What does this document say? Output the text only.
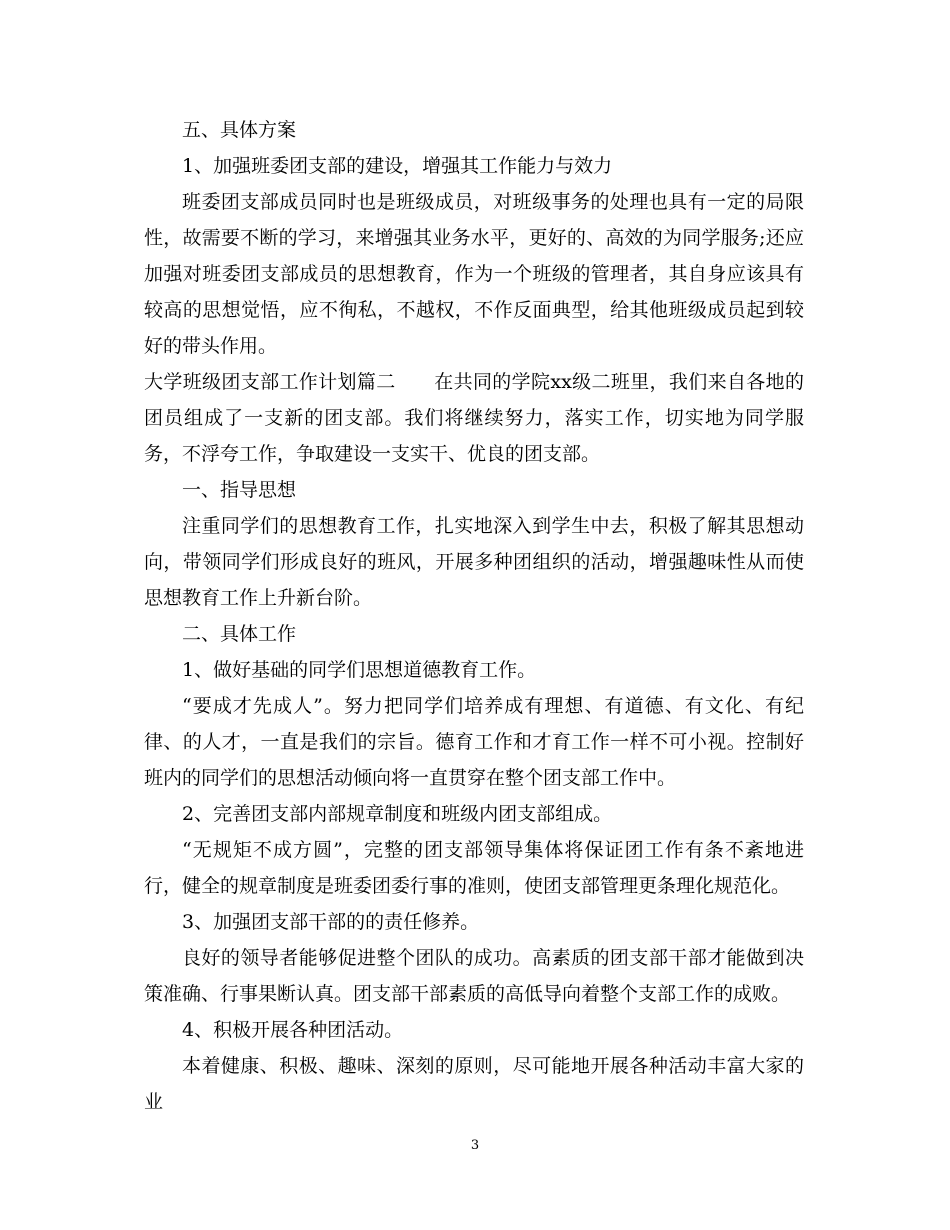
五、具体方案

1、加强班委团支部的建设，增强其工作能力与效力

班委团支部成员同时也是班级成员，对班级事务的处理也具有一定的局限性，故需要不断的学习，来增强其业务水平，更好的、高效的为同学服务;还应加强对班委团支部成员的思想教育，作为一个班级的管理者，其自身应该具有较高的思想觉悟，应不徇私，不越权，不作反面典型，给其他班级成员起到较好的带头作用。

大学班级团支部工作计划篇二　　在共同的学院xx级二班里，我们来自各地的团员组成了一支新的团支部。我们将继续努力，落实工作，切实地为同学服务，不浮夸工作，争取建设一支实干、优良的团支部。

一、指导思想

注重同学们的思想教育工作，扎实地深入到学生中去，积极了解其思想动向，带领同学们形成良好的班风，开展多种团组织的活动，增强趣味性从而使思想教育工作上升新台阶。

二、具体工作

1、做好基础的同学们思想道德教育工作。

“要成才先成人”。努力把同学们培养成有理想、有道德、有文化、有纪律、的人才，一直是我们的宗旨。德育工作和才育工作一样不可小视。控制好班内的同学们的思想活动倾向将一直贯穿在整个团支部工作中。

2、完善团支部内部规章制度和班级内团支部组成。

“无规矩不成方圆”，完整的团支部领导集体将保证团工作有条不紊地进行，健全的规章制度是班委团委行事的准则，使团支部管理更条理化规范化。

3、加强团支部干部的的责任修养。

良好的领导者能够促进整个团队的成功。高素质的团支部干部才能做到决策准确、行事果断认真。团支部干部素质的高低导向着整个支部工作的成败。

4、积极开展各种团活动。

本着健康、积极、趣味、深刻的原则，尽可能地开展各种活动丰富大家的业

3
